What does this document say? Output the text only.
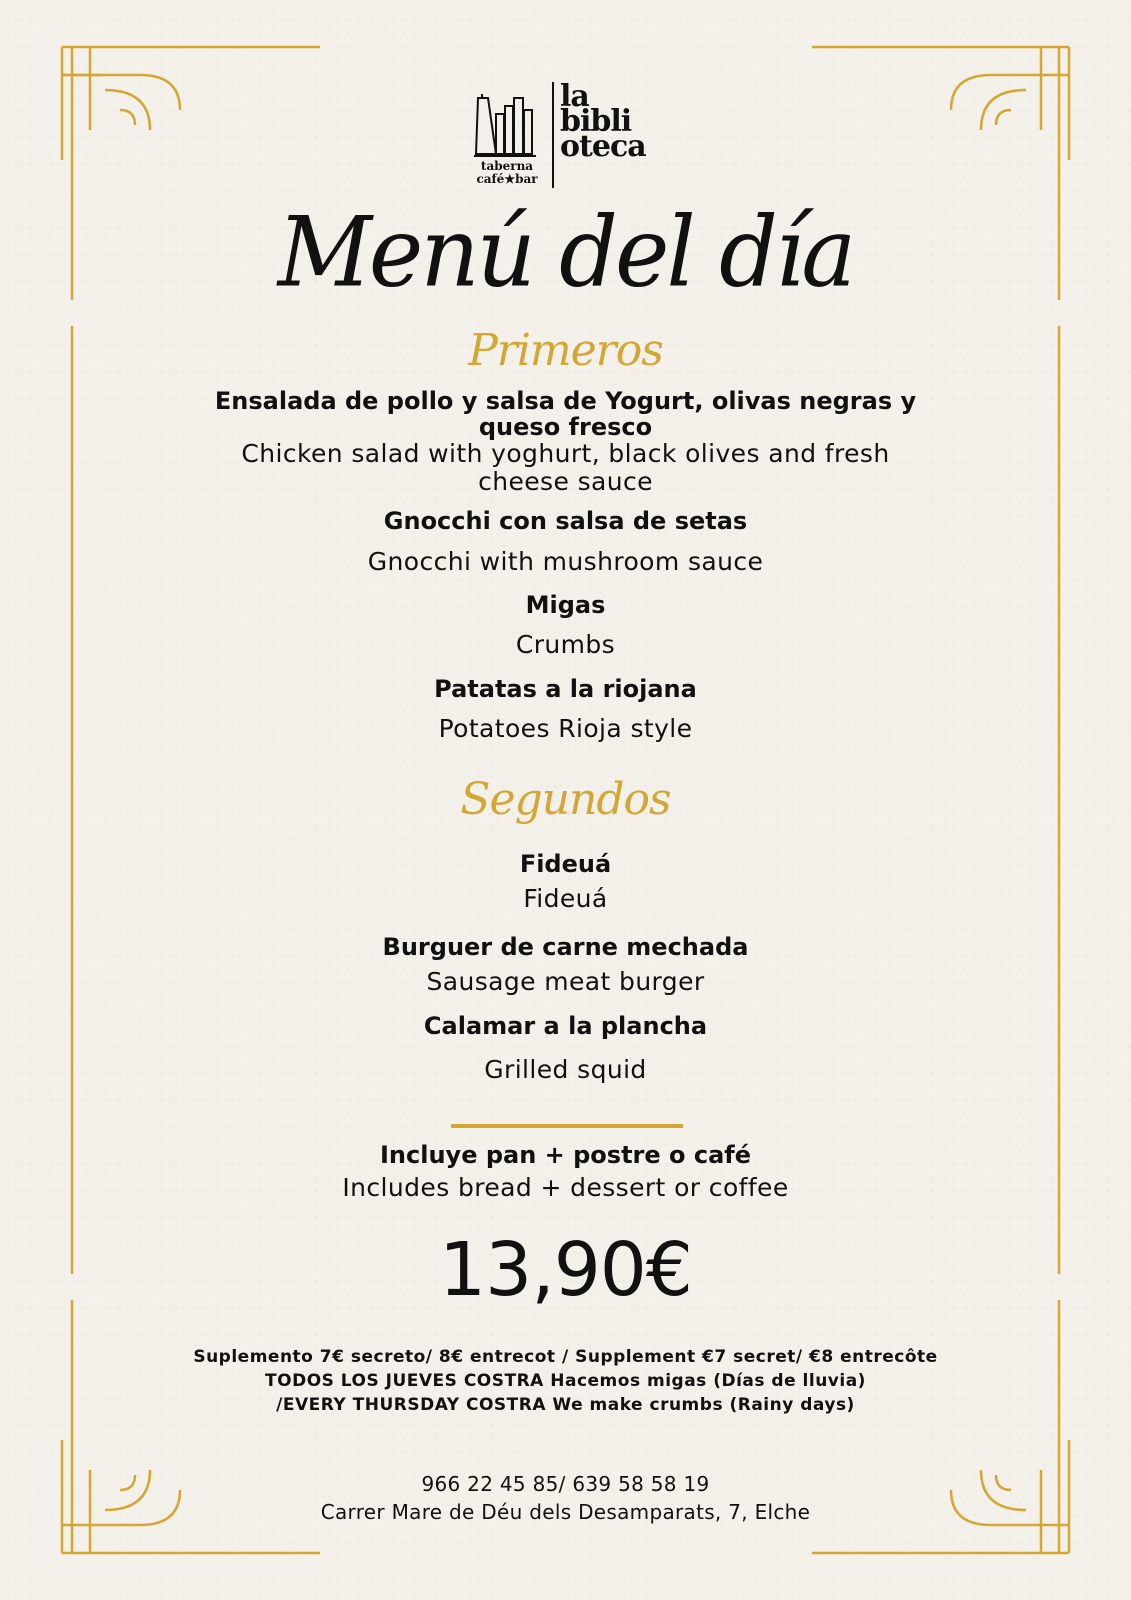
taberna
café★bar
la
bibli
oteca
Menú del día
Primeros
Ensalada de pollo y salsa de Yogurt, olivas negras y queso fresco
Chicken salad with yoghurt, black olives and fresh cheese sauce
Gnocchi con salsa de setas
Gnocchi with mushroom sauce
Migas
Crumbs
Patatas a la riojana
Potatoes Rioja style
Segundos
Fideuá
Fideuá
Burguer de carne mechada
Sausage meat burger
Calamar a la plancha
Grilled squid
Incluye pan + postre o café
Includes bread + dessert or coffee
13,90€
Suplemento 7€ secreto/ 8€ entrecot / Supplement €7 secret/ €8 entrecôte
TODOS LOS JUEVES COSTRA Hacemos migas (Días de lluvia)
/EVERY THURSDAY COSTRA We make crumbs (Rainy days)
966 22 45 85/ 639 58 58 19
Carrer Mare de Déu dels Desamparats, 7, Elche
